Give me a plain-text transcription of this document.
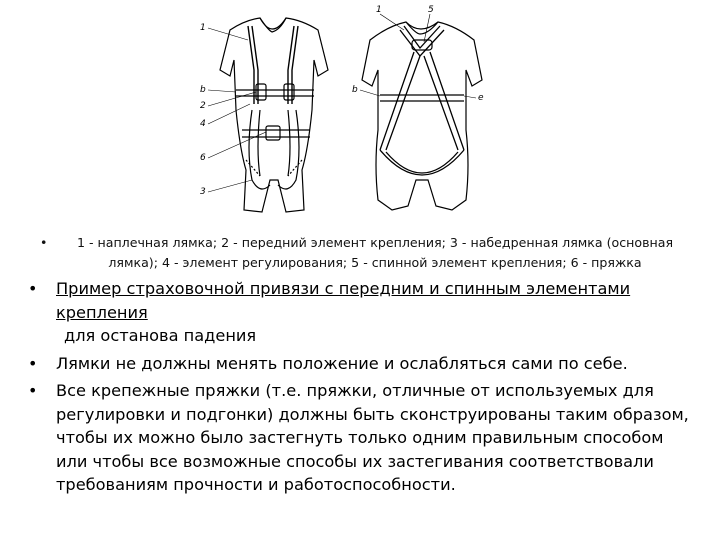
1
b
2
4
6
3
1	5
b
e
•	1 - наплечная лямка; 2 - передний элемент крепления; 3 - набедренная лямка (основная лямка); 4 - элемент регулирования; 5 - спинной элемент крепления; 6 - пряжка
• Пример страховочной привязи с передним и спинным элементами крепления
для останова падения
• Лямки не должны менять положение и ослабляться сами по себе.
• Все крепежные пряжки (т.е. пряжки, отличные от используемых для регулировки и подгонки) должны быть сконструированы таким образом, чтобы их можно было застегнуть только одним правильным способом или чтобы все возможные способы их застегивания соответствовали требованиям прочности и работоспособности.
